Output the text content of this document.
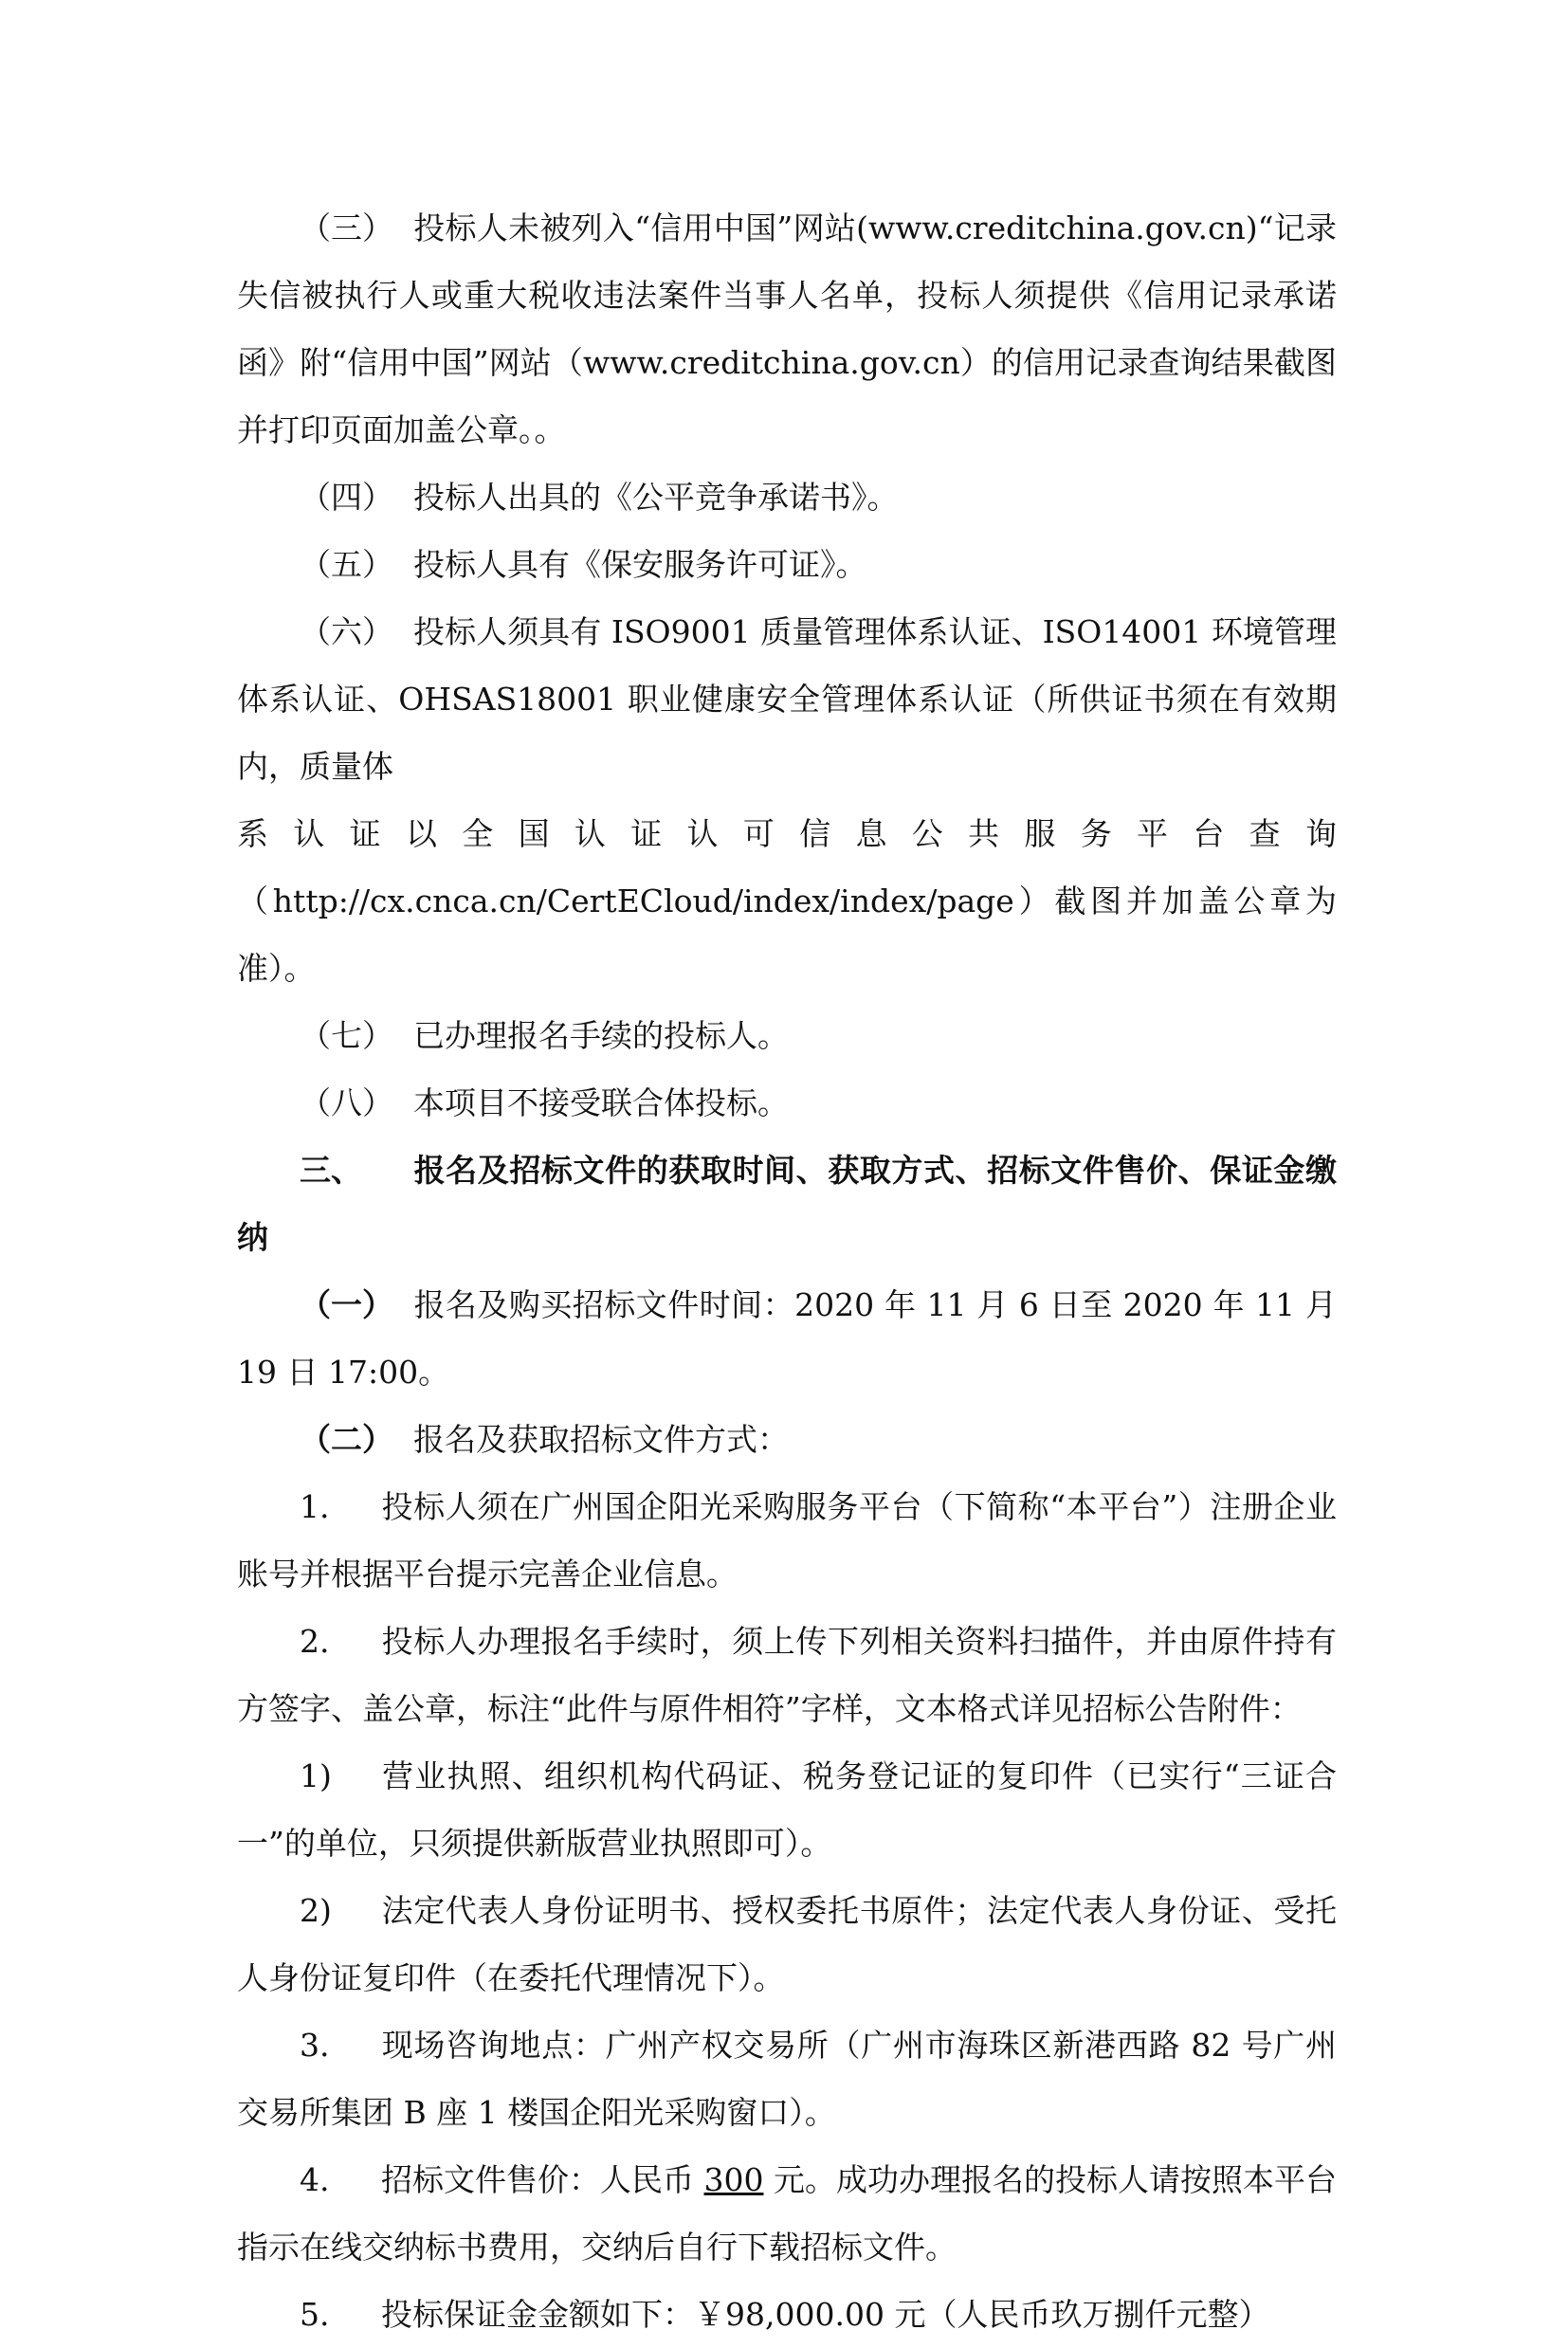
（三） 投标人未被列入“信用中国”网站(www.creditchina.gov.cn)“记录失信被执行人或重大税收违法案件当事人名单，投标人须提供《信用记录承诺函》附“信用中国”网站（www.creditchina.gov.cn）的信用记录查询结果截图并打印页面加盖公章。。

（四） 投标人出具的《公平竞争承诺书》。

（五） 投标人具有《保安服务许可证》。

（六） 投标人须具有 ISO9001 质量管理体系认证、ISO14001 环境管理体系认证、OHSAS18001 职业健康安全管理体系认证（所供证书须在有效期内，质量体

系认证以全国认证认可信息公共服务平台查询

（http://cx.cnca.cn/CertECloud/index/index/page）截图并加盖公章为准）。

（七） 已办理报名手续的投标人。

（八） 本项目不接受联合体投标。

三、 报名及招标文件的获取时间、获取方式、招标文件售价、保证金缴纳

（一） 报名及购买招标文件时间：2020 年 11 月 6 日至 2020 年 11 月 19 日 17:00。

（二） 报名及获取招标文件方式：

1. 投标人须在广州国企阳光采购服务平台（下简称“本平台”）注册企业账号并根据平台提示完善企业信息。

2. 投标人办理报名手续时，须上传下列相关资料扫描件，并由原件持有方签字、盖公章，标注“此件与原件相符”字样，文本格式详见招标公告附件：

1) 营业执照、组织机构代码证、税务登记证的复印件（已实行“三证合一”的单位，只须提供新版营业执照即可）。

2) 法定代表人身份证明书、授权委托书原件；法定代表人身份证、受托人身份证复印件（在委托代理情况下）。

3. 现场咨询地点：广州产权交易所（广州市海珠区新港西路 82 号广州交易所集团 B 座 1 楼国企阳光采购窗口）。

4. 招标文件售价：人民币 300 元。成功办理报名的投标人请按照本平台指示在线交纳标书费用，交纳后自行下载招标文件。

5. 投标保证金金额如下：￥98,000.00 元（人民币玖万捌仟元整）
